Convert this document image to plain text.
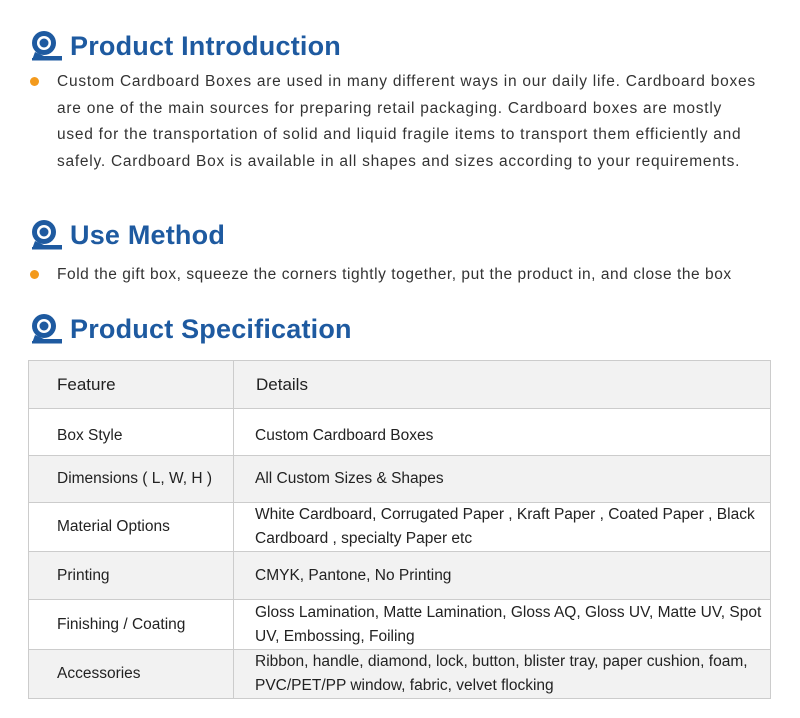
Product Introduction

Custom Cardboard Boxes are used in many different ways in our daily life. Cardboard boxes are one of the main sources for preparing retail packaging. Cardboard boxes are mostly used for the transportation of solid and liquid fragile items to transport them efficiently and safely. Cardboard Box is available in all shapes and sizes according to your requirements.

Use Method

Fold the gift box, squeeze the corners tightly together, put the product in, and close the box

Product Specification
Feature	Details
Box Style	Custom Cardboard Boxes
Dimensions ( L, W, H )	All Custom Sizes & Shapes
Material Options	White Cardboard, Corrugated Paper , Kraft Paper , Coated Paper , Black Cardboard , specialty Paper etc
Printing	CMYK, Pantone, No Printing
Finishing / Coating	Gloss Lamination, Matte Lamination, Gloss AQ, Gloss UV, Matte UV, Spot UV, Embossing, Foiling
Accessories	Ribbon, handle, diamond, lock, button, blister tray, paper cushion, foam, PVC/PET/PP window, fabric, velvet flocking
